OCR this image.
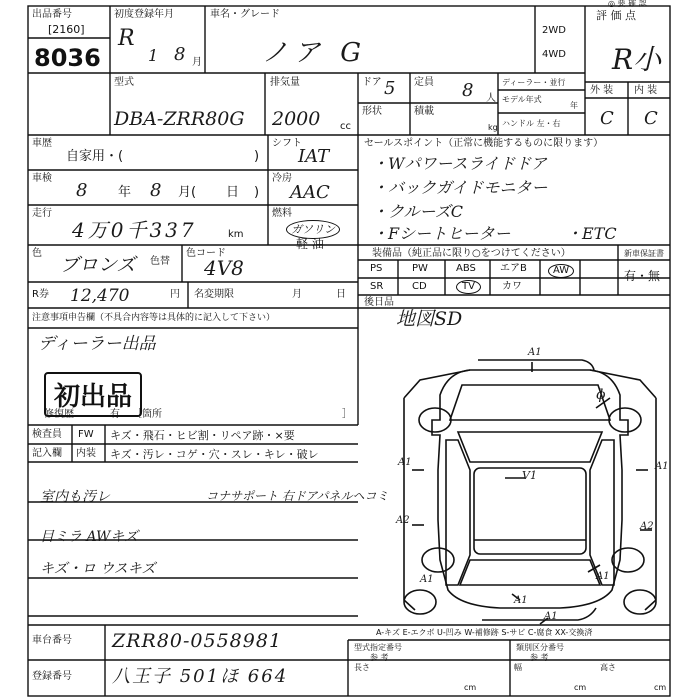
出品番号
[2160]
8036
初度登録年月
R
1 8 月
車名・グレード
ノア G
2WD
4WD
評 価 点
◎ 要 確 認
R小
型式
DBA-ZRR80G
排気量
2000 cc
ドア 5 定員 8 人
形状	積載
kg
ディーラー・並行
モデル年式
年
ハンドル 左・右
外 装 内 装
C C
車歴
自家用・(	)
シフト
IAT
車検
8 年 8 月( 日 )
冷房
AAC
走行
4万0千337	km
燃料
ガソリン
軽 油
色
ブロンズ 色替
色コード
4V8
R券 12,470	円 名変期限	月	日
セールスポイント（正常に機能するものに限ります）
・Wパワースライドドア
・バックガイドモニター
・クルーズC
・Fシートヒーター	・ETC
装備品（純正品に限り○をつけてください）	新車保証書
PS	PW	ABS エアB	AW
SR	CD	TV	カワ
有・無
後日品
地図SD
注意事項申告欄（不具合内容等は具体的に記入して下さい）
ディーラー出品
初出品
修復歴	有 ［箇所	］
検査員
記入欄
FW
内装
キズ・飛石・ヒビ割・リペア跡・×要
キズ・汚レ・コゲ・穴・スレ・キレ・破レ
室内も汚レ	コナサポート 右ドアパネルヘコミ
目ミラ AWキズ
キズ・ロ ウスキズ
A1
A1
A2
A1
A1
A2
V1
A1
A1
A1
ɸ
A-キズ E-エクボ U-凹み W-補修跡 S-サビ C-腐食 XX-交換済
車台番号 ZRR80-0558981
登録番号 八王子 501ほ 664
型式指定番号
参 考
類別区分番号
参 考
長さ
cm
幅
cm
高さ
cm
